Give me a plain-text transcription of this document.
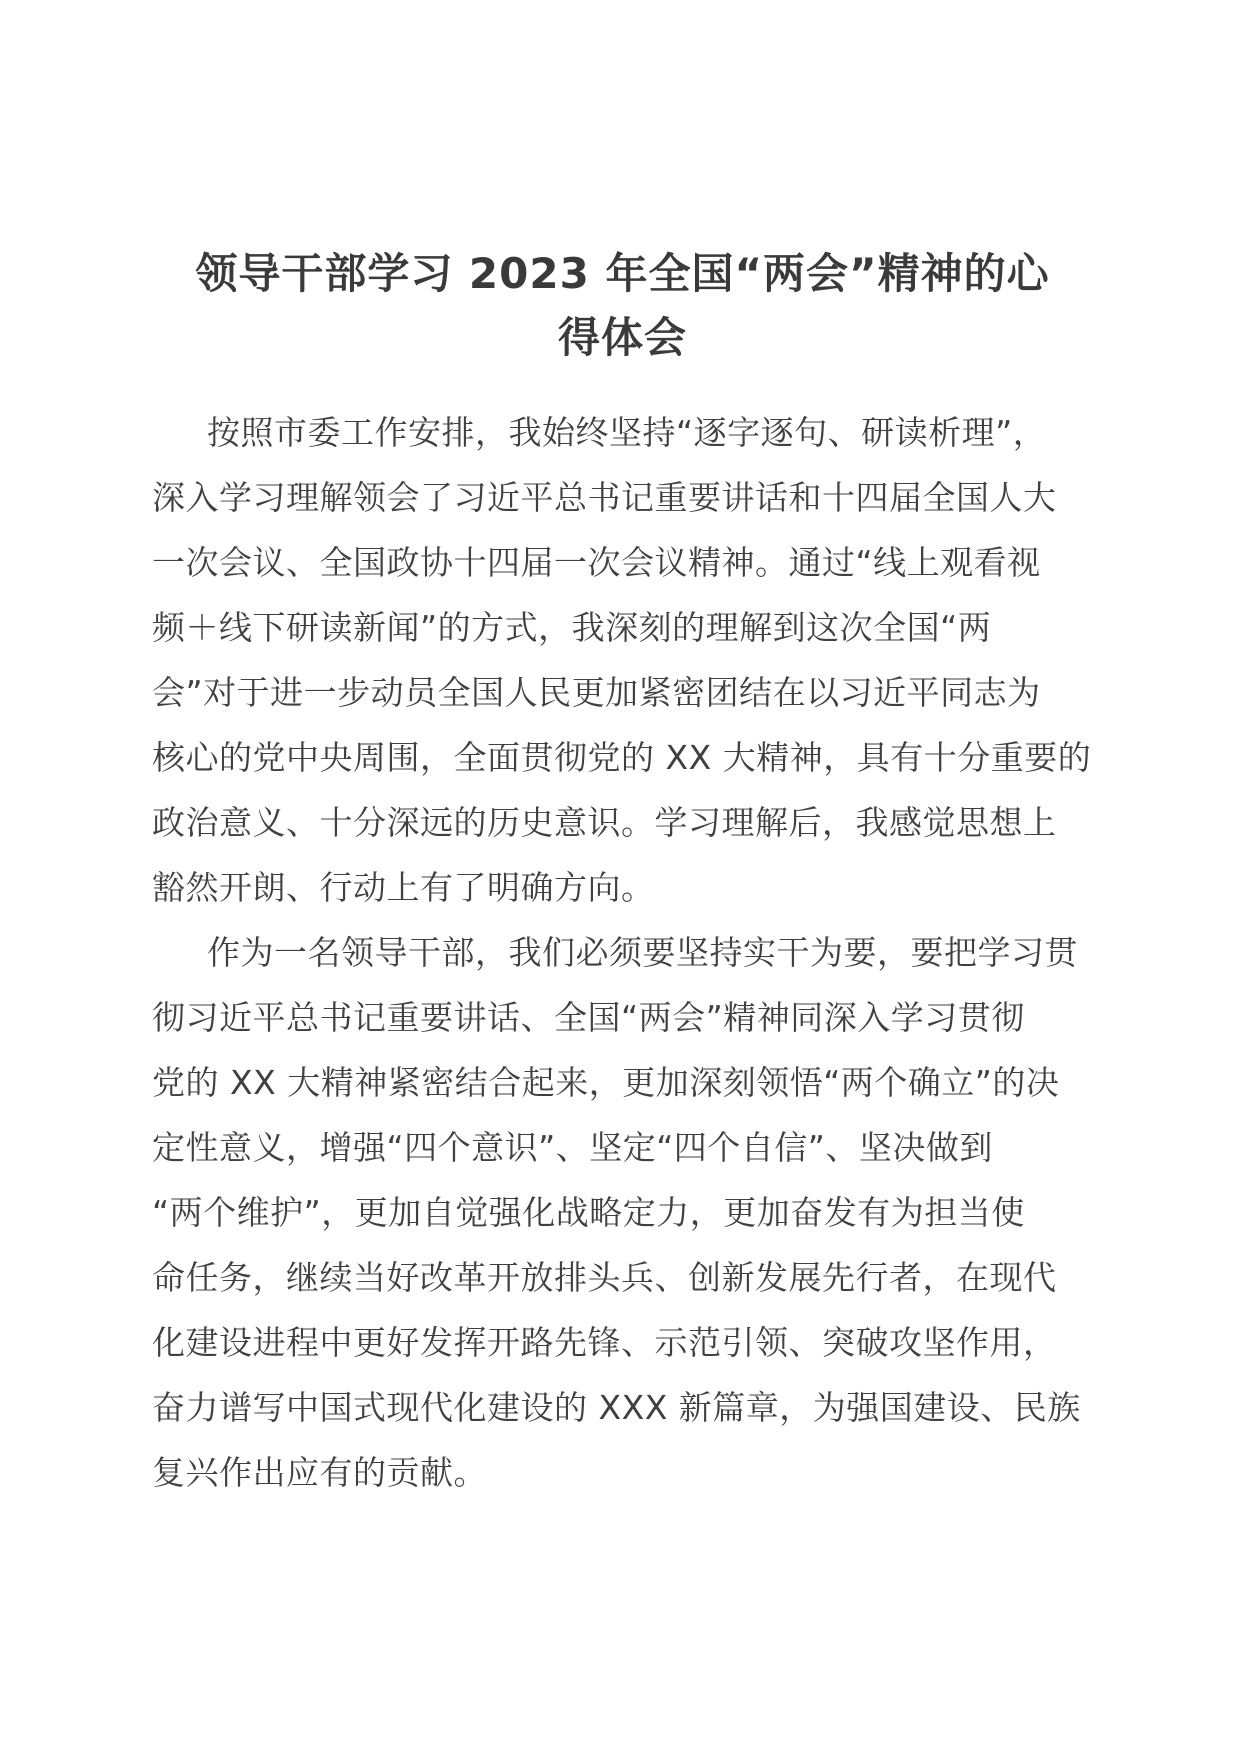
领导干部学习 2023 年全国“两会”精神的心
得体会

按照市委工作安排，我始终坚持“逐字逐句、研读析理”，
深入学习理解领会了习近平总书记重要讲话和十四届全国人大
一次会议、全国政协十四届一次会议精神。通过“线上观看视
频＋线下研读新闻”的方式，我深刻的理解到这次全国“两
会”对于进一步动员全国人民更加紧密团结在以习近平同志为
核心的党中央周围，全面贯彻党的 XX 大精神，具有十分重要的
政治意义、十分深远的历史意识。学习理解后，我感觉思想上
豁然开朗、行动上有了明确方向。

作为一名领导干部，我们必须要坚持实干为要，要把学习贯
彻习近平总书记重要讲话、全国“两会”精神同深入学习贯彻
党的 XX 大精神紧密结合起来，更加深刻领悟“两个确立”的决
定性意义，增强“四个意识”、坚定“四个自信”、坚决做到
“两个维护”，更加自觉强化战略定力，更加奋发有为担当使
命任务，继续当好改革开放排头兵、创新发展先行者，在现代
化建设进程中更好发挥开路先锋、示范引领、突破攻坚作用，
奋力谱写中国式现代化建设的 XXX 新篇章，为强国建设、民族
复兴作出应有的贡献。
